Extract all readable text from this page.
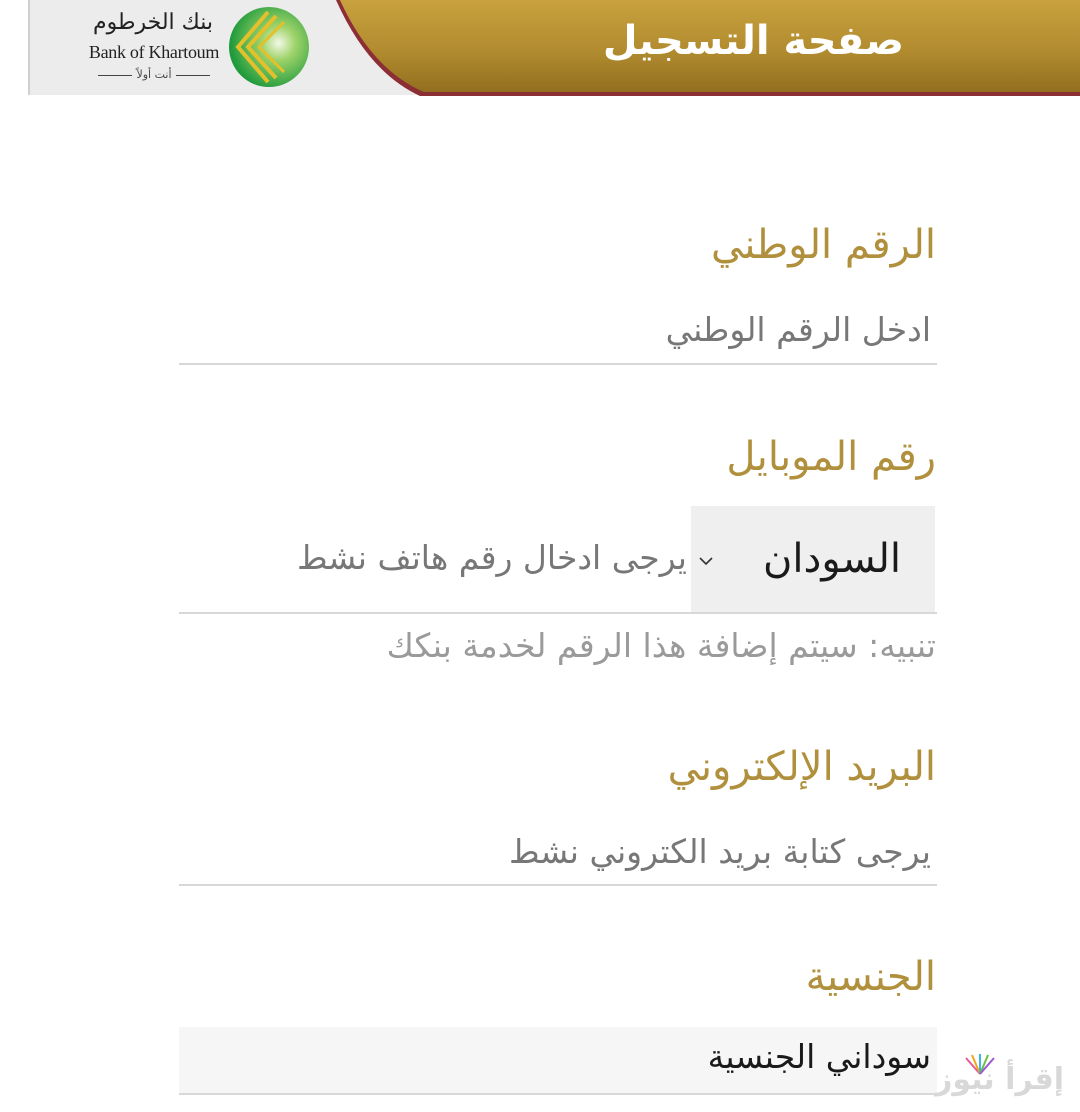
صفحة التسجيل
بنك الخرطوم
Bank of Khartoum
أنت أولاً
الرقم الوطني
ادخل الرقم الوطني
رقم الموبايل
السودان
يرجى ادخال رقم هاتف نشط
تنبيه: سيتم إضافة هذا الرقم لخدمة بنكك
البريد الإلكتروني
يرجى كتابة بريد الكتروني نشط
الجنسية
سوداني الجنسية
إقرأ نيوز
